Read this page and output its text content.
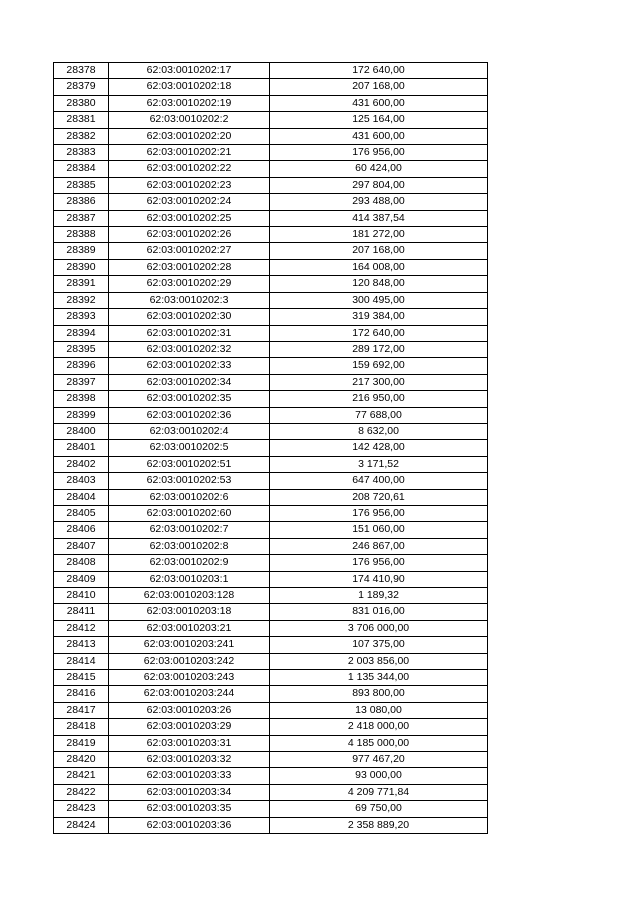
28378	62:03:0010202:17	172 640,00
28379	62:03:0010202:18	207 168,00
28380	62:03:0010202:19	431 600,00
28381	62:03:0010202:2	125 164,00
28382	62:03:0010202:20	431 600,00
28383	62:03:0010202:21	176 956,00
28384	62:03:0010202:22	60 424,00
28385	62:03:0010202:23	297 804,00
28386	62:03:0010202:24	293 488,00
28387	62:03:0010202:25	414 387,54
28388	62:03:0010202:26	181 272,00
28389	62:03:0010202:27	207 168,00
28390	62:03:0010202:28	164 008,00
28391	62:03:0010202:29	120 848,00
28392	62:03:0010202:3	300 495,00
28393	62:03:0010202:30	319 384,00
28394	62:03:0010202:31	172 640,00
28395	62:03:0010202:32	289 172,00
28396	62:03:0010202:33	159 692,00
28397	62:03:0010202:34	217 300,00
28398	62:03:0010202:35	216 950,00
28399	62:03:0010202:36	77 688,00
28400	62:03:0010202:4	8 632,00
28401	62:03:0010202:5	142 428,00
28402	62:03:0010202:51	3 171,52
28403	62:03:0010202:53	647 400,00
28404	62:03:0010202:6	208 720,61
28405	62:03:0010202:60	176 956,00
28406	62:03:0010202:7	151 060,00
28407	62:03:0010202:8	246 867,00
28408	62:03:0010202:9	176 956,00
28409	62:03:0010203:1	174 410,90
28410	62:03:0010203:128	1 189,32
28411	62:03:0010203:18	831 016,00
28412	62:03:0010203:21	3 706 000,00
28413	62:03:0010203:241	107 375,00
28414	62:03:0010203:242	2 003 856,00
28415	62:03:0010203:243	1 135 344,00
28416	62:03:0010203:244	893 800,00
28417	62:03:0010203:26	13 080,00
28418	62:03:0010203:29	2 418 000,00
28419	62:03:0010203:31	4 185 000,00
28420	62:03:0010203:32	977 467,20
28421	62:03:0010203:33	93 000,00
28422	62:03:0010203:34	4 209 771,84
28423	62:03:0010203:35	69 750,00
28424	62:03:0010203:36	2 358 889,20
